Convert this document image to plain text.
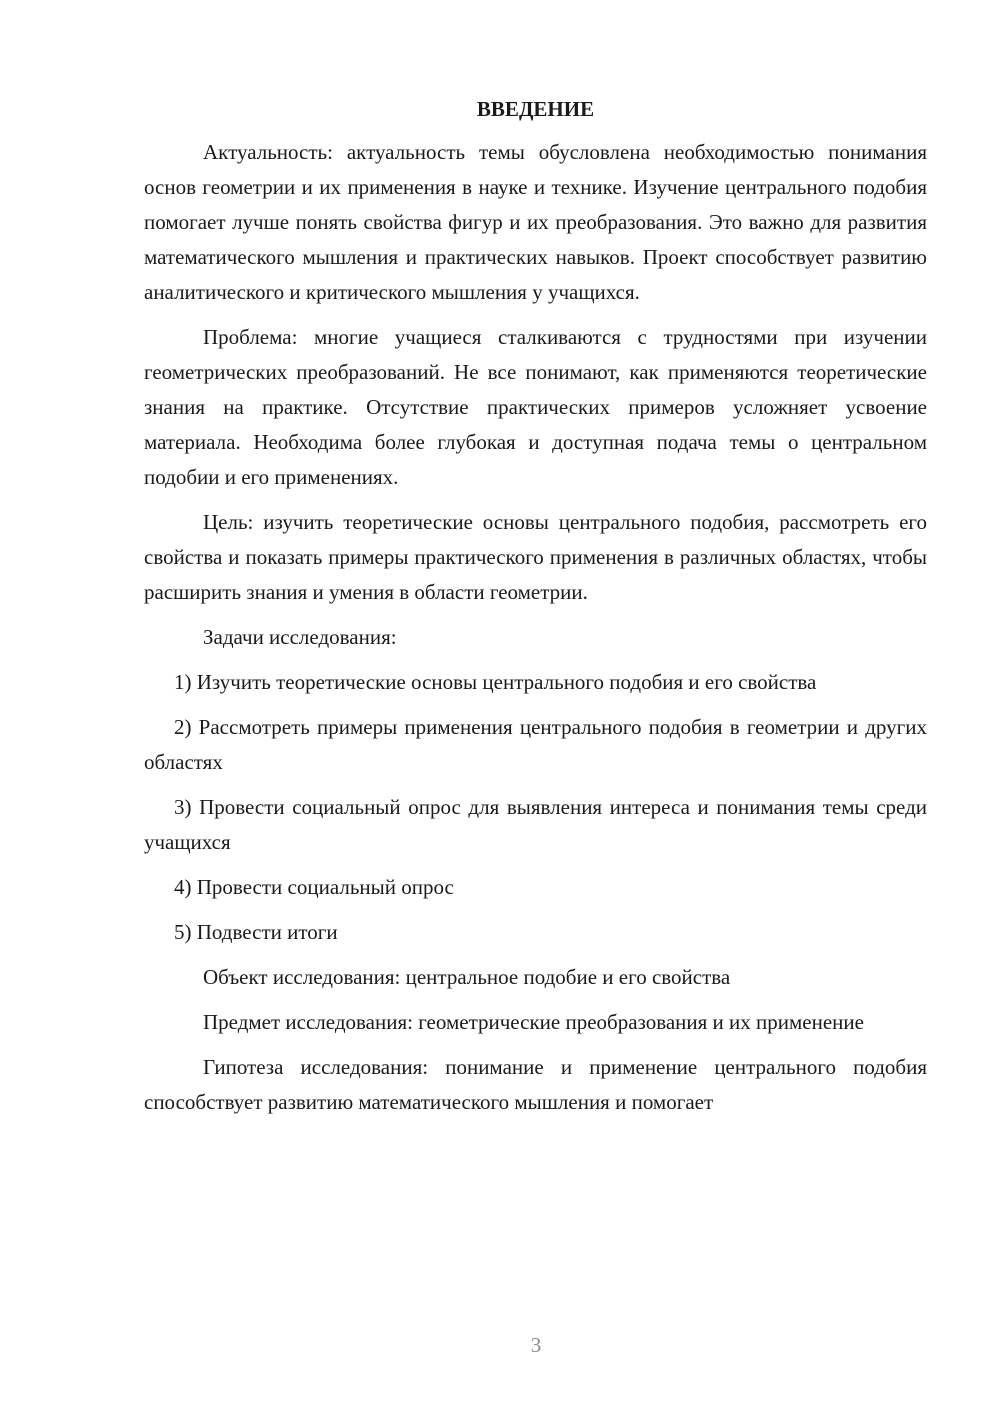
ВВЕДЕНИЕ

Актуальность: актуальность темы обусловлена необходимостью понимания основ геометрии и их применения в науке и технике. Изучение центрального подобия помогает лучше понять свойства фигур и их преобразования. Это важно для развития математического мышления и практических навыков. Проект способствует развитию аналитического и критического мышления у учащихся.

Проблема: многие учащиеся сталкиваются с трудностями при изучении геометрических преобразований. Не все понимают, как применяются теоретические знания на практике. Отсутствие практических примеров усложняет усвоение материала. Необходима более глубокая и доступная подача темы о центральном подобии и его применениях.

Цель: изучить теоретические основы центрального подобия, рассмотреть его свойства и показать примеры практического применения в различных областях, чтобы расширить знания и умения в области геометрии.

Задачи исследования:

1) Изучить теоретические основы центрального подобия и его свойства

2) Рассмотреть примеры применения центрального подобия в геометрии и других областях

3) Провести социальный опрос для выявления интереса и понимания темы среди учащихся

4) Провести социальный опрос

5) Подвести итоги

Объект исследования: центральное подобие и его свойства

Предмет исследования: геометрические преобразования и их применение

Гипотеза исследования: понимание и применение центрального подобия способствует развитию математического мышления и помогает

3
